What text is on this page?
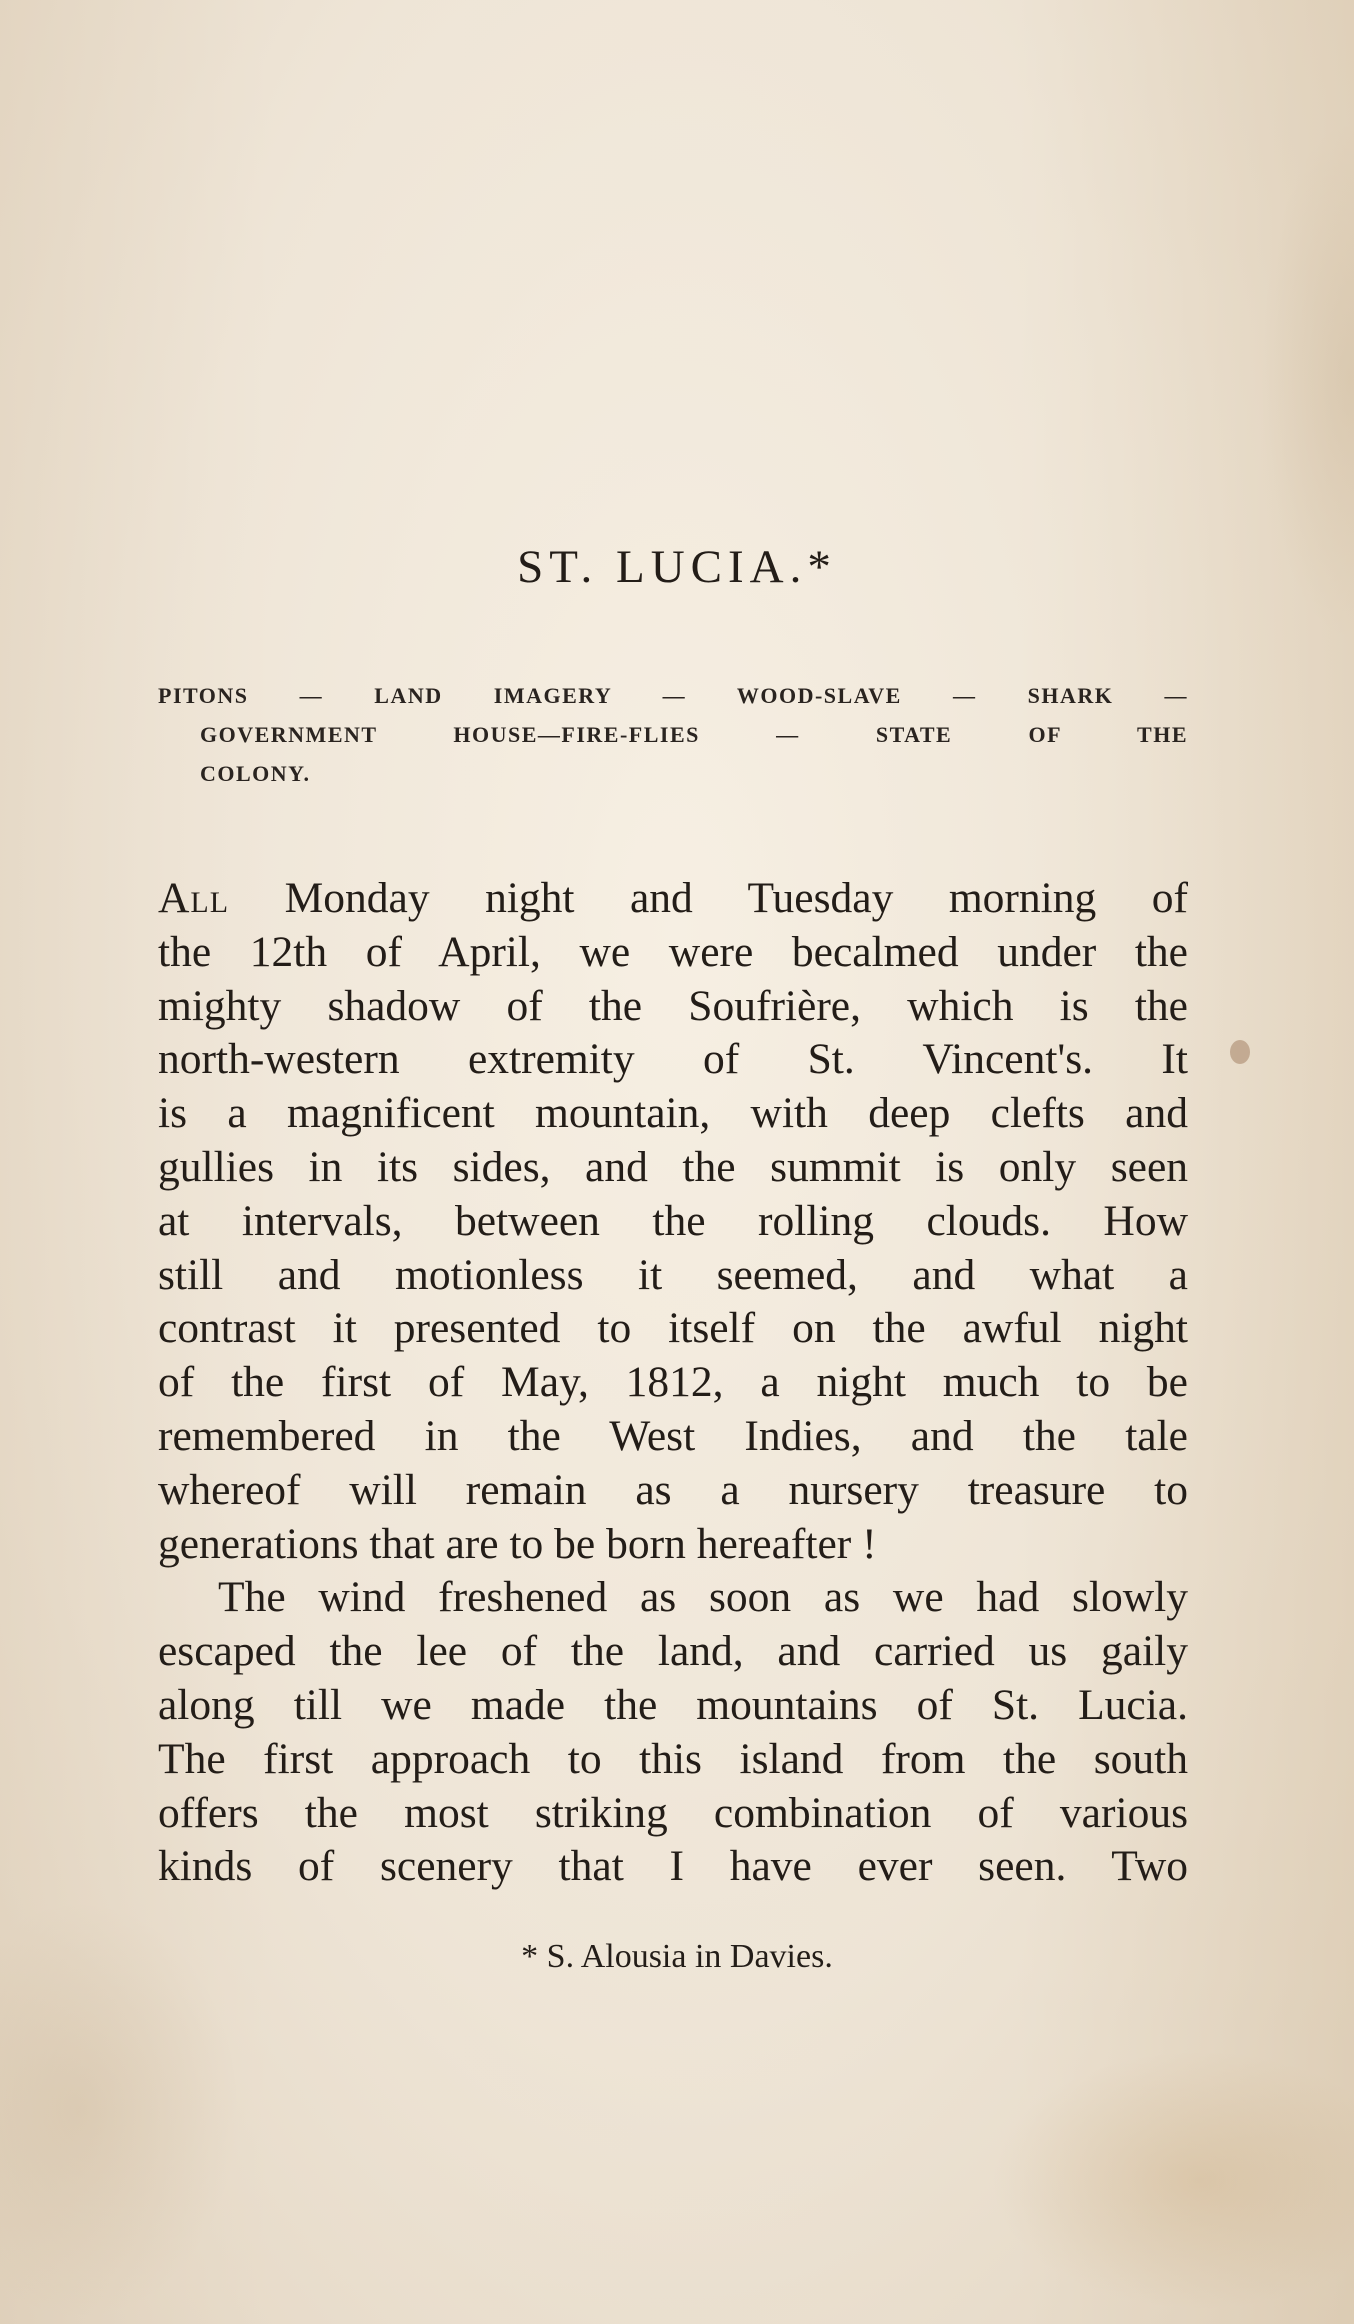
ST. LUCIA.*
PITONS — LAND IMAGERY — WOOD-SLAVE — SHARK —
GOVERNMENT HOUSE—FIRE-FLIES — STATE OF THE
COLONY.
All Monday night and Tuesday morning of
the 12th of April, we were becalmed under the
mighty shadow of the Soufrière, which is the
north-western extremity of St. Vincent's. It
is a magnificent mountain, with deep clefts and
gullies in its sides, and the summit is only seen
at intervals, between the rolling clouds. How
still and motionless it seemed, and what a
contrast it presented to itself on the awful night
of the first of May, 1812, a night much to be
remembered in the West Indies, and the tale
whereof will remain as a nursery treasure to
generations that are to be born hereafter !
The wind freshened as soon as we had slowly
escaped the lee of the land, and carried us gaily
along till we made the mountains of St. Lucia.
The first approach to this island from the south
offers the most striking combination of various
kinds of scenery that I have ever seen. Two
* S. Alousia in Davies.
